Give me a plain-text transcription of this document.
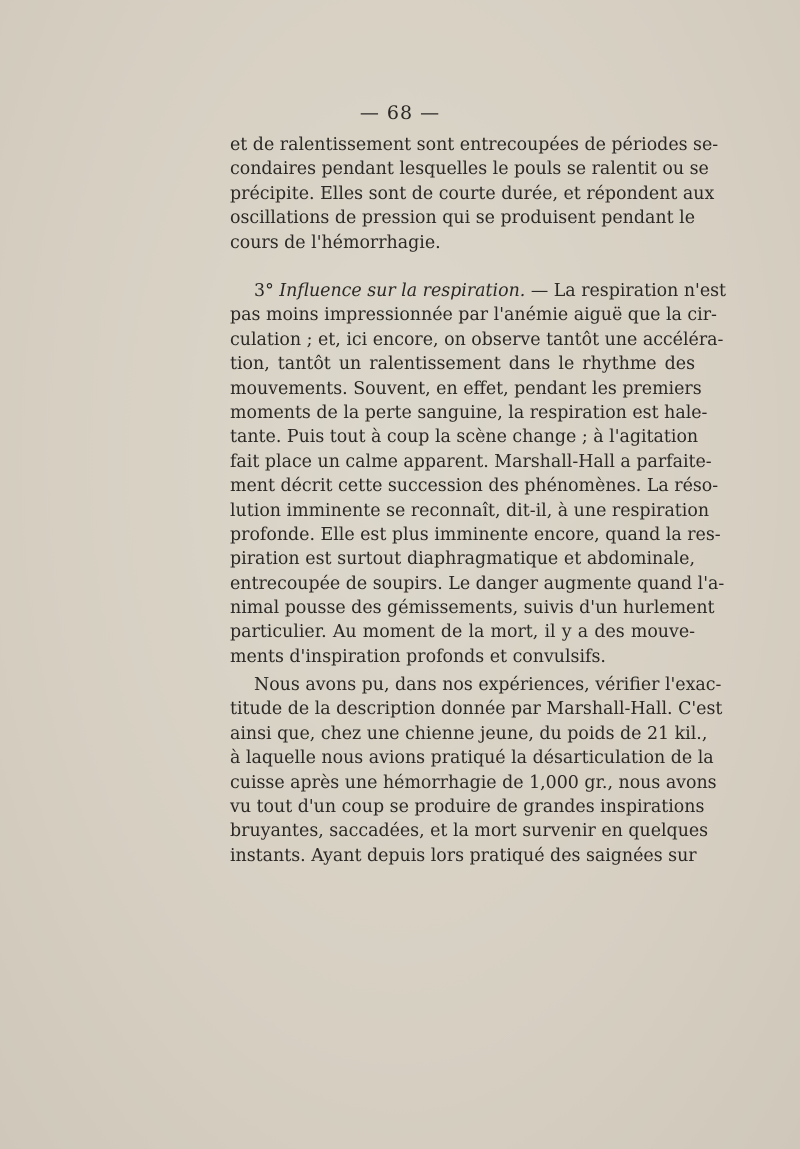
— 68 —
et de ralentissement sont entrecoupées de périodes se-
condaires pendant lesquelles le pouls se ralentit ou se
précipite. Elles sont de courte durée, et répondent aux
oscillations de pression qui se produisent pendant le
cours de l'hémorrhagie.
3° Influence sur la respiration. — La respiration n'est
pas moins impressionnée par l'anémie aiguë que la cir-
culation ; et, ici encore, on observe tantôt une accéléra-
tion, tantôt un ralentissement dans le rhythme des
mouvements. Souvent, en effet, pendant les premiers
moments de la perte sanguine, la respiration est hale-
tante. Puis tout à coup la scène change ; à l'agitation
fait place un calme apparent. Marshall-Hall a parfaite-
ment décrit cette succession des phénomènes. La réso-
lution imminente se reconnaît, dit-il, à une respiration
profonde. Elle est plus imminente encore, quand la res-
piration est surtout diaphragmatique et abdominale,
entrecoupée de soupirs. Le danger augmente quand l'a-
nimal pousse des gémissements, suivis d'un hurlement
particulier. Au moment de la mort, il y a des mouve-
ments d'inspiration profonds et convulsifs.
Nous avons pu, dans nos expériences, vérifier l'exac-
titude de la description donnée par Marshall-Hall. C'est
ainsi que, chez une chienne jeune, du poids de 21 kil.,
à laquelle nous avions pratiqué la désarticulation de la
cuisse après une hémorrhagie de 1,000 gr., nous avons
vu tout d'un coup se produire de grandes inspirations
bruyantes, saccadées, et la mort survenir en quelques
instants. Ayant depuis lors pratiqué des saignées sur
